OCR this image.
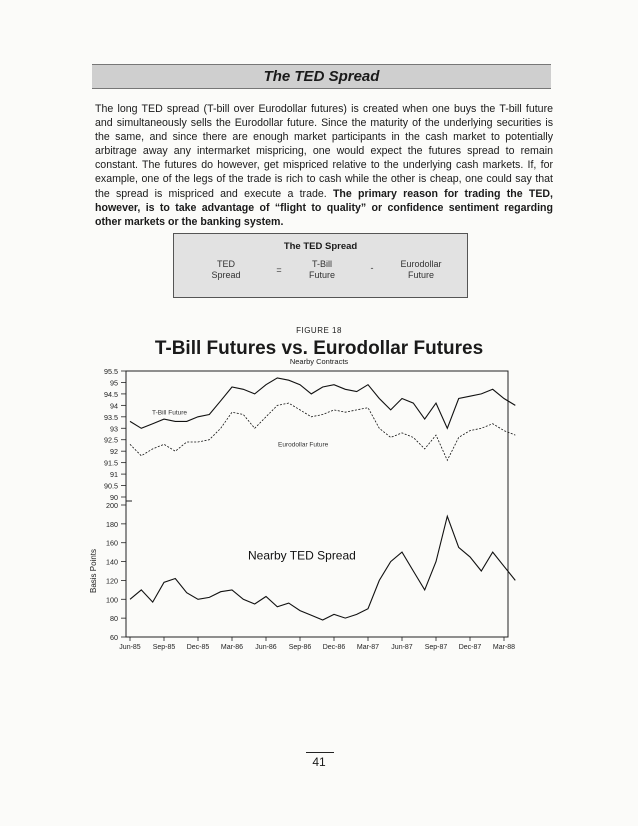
The TED Spread
The long TED spread (T-bill over Eurodollar futures) is created when one buys the T-bill future and simultaneously sells the Eurodollar future. Since the maturity of the underlying securities is the same, and since there are enough market participants in the cash market to potentially arbitrage away any intermarket mispricing, one would expect the futures spread to remain constant. The futures do however, get mispriced relative to the underlying cash markets. If, for example, one of the legs of the trade is rich to cash while the other is cheap, one could say that the spread is mispriced and execute a trade. The primary reason for trading the TED, however, is to take advantage of “flight to quality” or confidence sentiment regarding other markets or the banking system.
The TED Spread
TED
Spread	=
T-Bill
Future
-	Eurodollar
Future
FIGURE 18
T-Bill Futures vs. Eurodollar Futures
Nearby Contracts
95.5
95
94.5
94
93.5
93
92.5
92
91.5
91
90.5
90
200
180
160
140
120
100
80
60
T-Bill Future
Eurodollar Future
Nearby TED Spread
Basis Points
Jun-85 Sep-85 Dec-85 Mar-86 Jun-86 Sep-86 Dec-86 Mar-87 Jun-87 Sep-87 Dec-87 Mar-88
41
